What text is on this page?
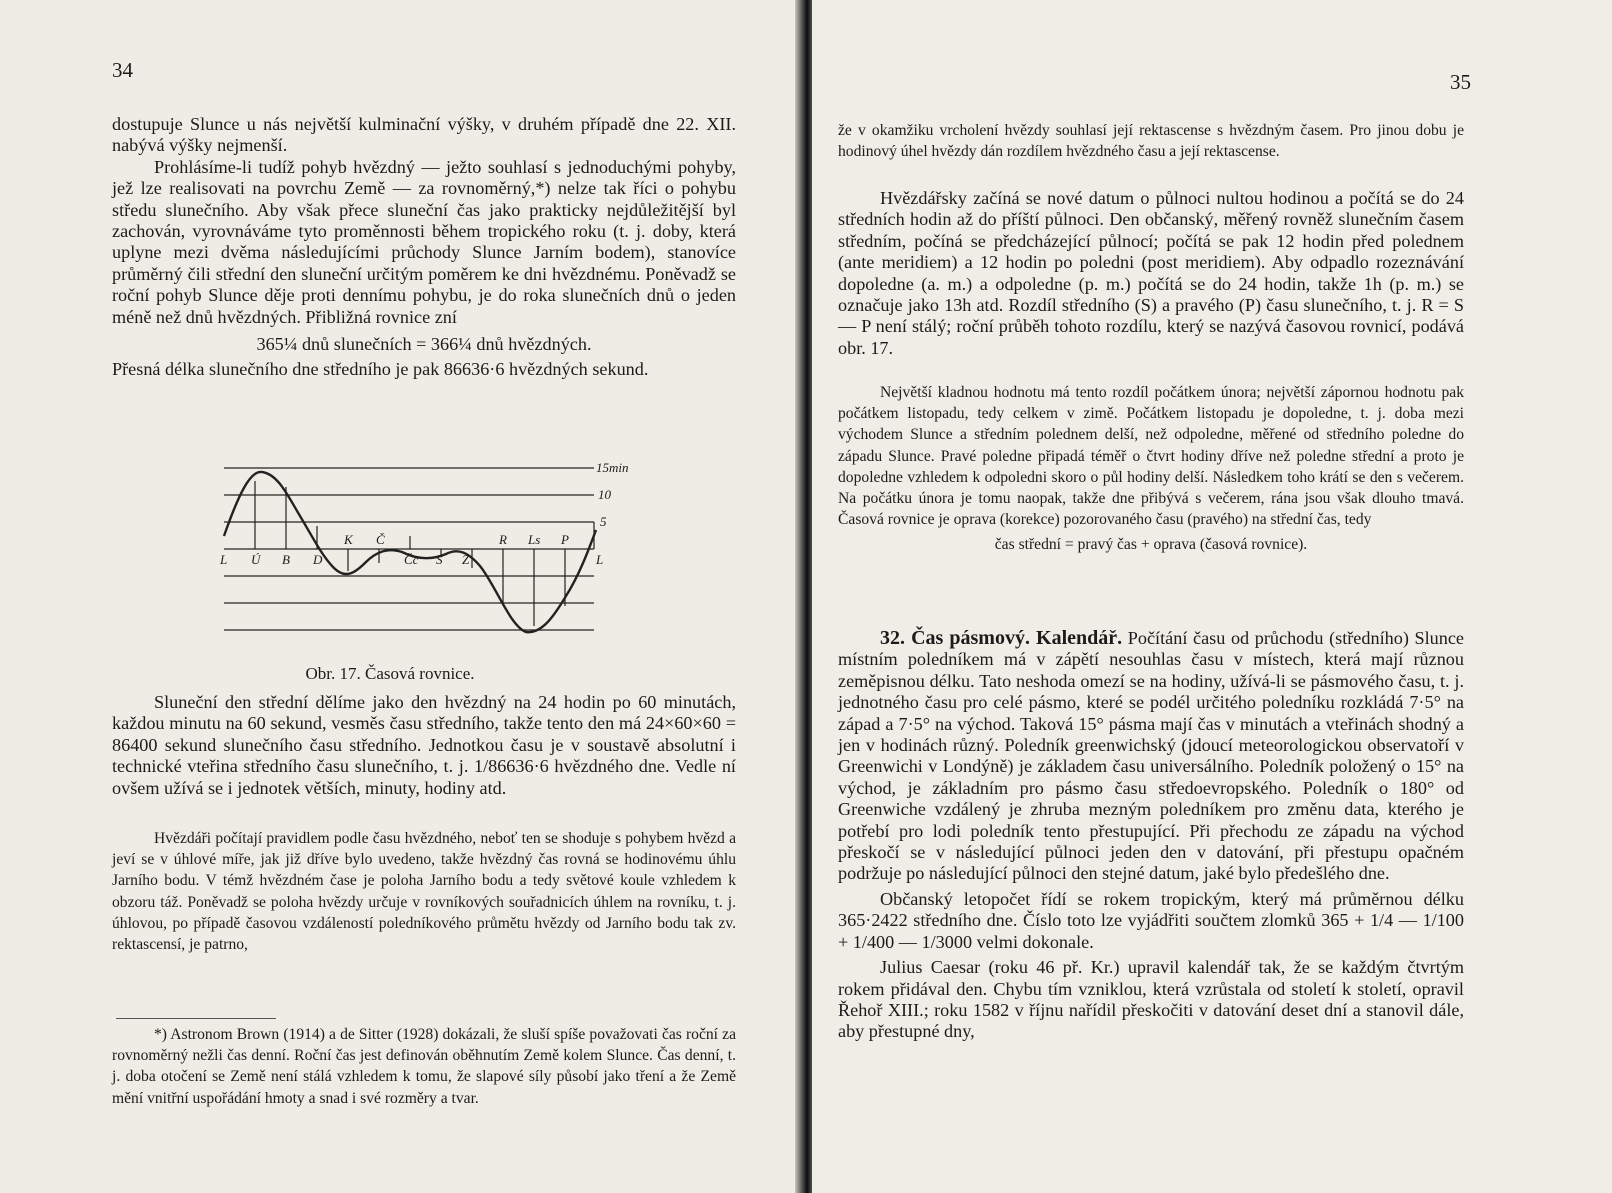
34

dostupuje Slunce u nás největší kulminační výšky, v druhém případě dne 22. XII. nabývá výšky nejmenší.

Prohlásíme-li tudíž pohyb hvězdný — ježto souhlasí s jednoduchými pohyby, jež lze realisovati na povrchu Země — za rovnoměrný,*) nelze tak říci o pohybu středu slunečního. Aby však přece sluneční čas jako prakticky nejdůležitější byl zachován, vyrovnáváme tyto proměnnosti během tropického roku (t. j. doby, která uplyne mezi dvěma následujícími průchody Slunce Jarním bodem), stanovíce průměrný čili střední den sluneční určitým poměrem ke dni hvězdnému. Poněvadž se roční pohyb Slunce děje proti dennímu pohybu, je do roka slunečních dnů o jeden méně než dnů hvězdných. Přibližná rovnice zní

365¼ dnů slunečních = 366¼ dnů hvězdných.

Přesná délka slunečního dne středního je pak 86636·6 hvězdných sekund.

15min
10
5
K Č	R Ls P
L Ú B D	Čc S Z	L
Obr. 17. Časová rovnice.

Sluneční den střední dělíme jako den hvězdný na 24 hodin po 60 minutách, každou minutu na 60 sekund, vesměs času středního, takže tento den má 24×60×60 = 86400 sekund slunečního času středního. Jednotkou času je v soustavě absolutní i technické vteřina středního času slunečního, t. j. 1/86636·6 hvězdného dne. Vedle ní ovšem užívá se i jednotek větších, minuty, hodiny atd.

Hvězdáři počítají pravidlem podle času hvězdného, neboť ten se shoduje s pohybem hvězd a jeví se v úhlové míře, jak již dříve bylo uvedeno, takže hvězdný čas rovná se hodinovému úhlu Jarního bodu. V témž hvězdném čase je poloha Jarního bodu a tedy světové koule vzhledem k obzoru táž. Poněvadž se poloha hvězdy určuje v rovníkových souřadnicích úhlem na rovníku, t. j. úhlovou, po případě časovou vzdáleností poledníkového průmětu hvězdy od Jarního bodu tak zv. rektascensí, je patrno,

*) Astronom Brown (1914) a de Sitter (1928) dokázali, že sluší spíše považovati čas roční za rovnoměrný nežli čas denní. Roční čas jest definován oběhnutím Země kolem Slunce. Čas denní, t. j. doba otočení se Země není stálá vzhledem k tomu, že slapové síly působí jako tření a že Země mění vnitřní uspořádání hmoty a snad i své rozměry a tvar.

35

že v okamžiku vrcholení hvězdy souhlasí její rektascense s hvězdným časem. Pro jinou dobu je hodinový úhel hvězdy dán rozdílem hvězdného času a její rektascense.

Hvězdářsky začíná se nové datum o půlnoci nultou hodinou a počítá se do 24 středních hodin až do příští půlnoci. Den občanský, měřený rovněž slunečním časem středním, počíná se předcházející půlnocí; počítá se pak 12 hodin před polednem (ante meridiem) a 12 hodin po poledni (post meridiem). Aby odpadlo rozeznávání dopoledne (a. m.) a odpoledne (p. m.) počítá se do 24 hodin, takže 1h (p. m.) se označuje jako 13h atd. Rozdíl středního (S) a pravého (P) času slunečního, t. j. R = S — P není stálý; roční průběh tohoto rozdílu, který se nazývá časovou rovnicí, podává obr. 17.

Největší kladnou hodnotu má tento rozdíl počátkem února; největší zápornou hodnotu pak počátkem listopadu, tedy celkem v zimě. Počátkem listopadu je dopoledne, t. j. doba mezi východem Slunce a středním polednem delší, než odpoledne, měřené od středního poledne do západu Slunce. Pravé poledne připadá téměř o čtvrt hodiny dříve než poledne střední a proto je dopoledne vzhledem k odpoledni skoro o půl hodiny delší. Následkem toho krátí se den s večerem. Na počátku února je tomu naopak, takže dne přibývá s večerem, rána jsou však dlouho tmavá. Časová rovnice je oprava (korekce) pozorovaného času (pravého) na střední čas, tedy

čas střední = pravý čas + oprava (časová rovnice).

32. Čas pásmový. Kalendář. Počítání času od průchodu (středního) Slunce místním poledníkem má v zápětí nesouhlas času v místech, která mají různou zeměpisnou délku. Tato neshoda omezí se na hodiny, užívá-li se pásmového času, t. j. jednotného času pro celé pásmo, které se podél určitého poledníku rozkládá 7·5° na západ a 7·5° na východ. Taková 15° pásma mají čas v minutách a vteřinách shodný a jen v hodinách různý. Poledník greenwichský (jdoucí meteorologickou observatoří v Greenwichi v Londýně) je základem času universálního. Poledník položený o 15° na východ, je základním pro pásmo času středoevropského. Poledník o 180° od Greenwiche vzdálený je zhruba mezným poledníkem pro změnu data, kterého je potřebí pro lodi poledník tento přestupující. Při přechodu ze západu na východ přeskočí se v následující půlnoci jeden den v datování, při přestupu opačném podržuje po následující půlnoci den stejné datum, jaké bylo předešlého dne.

Občanský letopočet řídí se rokem tropickým, který má průměrnou délku 365·2422 středního dne. Číslo toto lze vyjádřiti součtem zlomků 365 + 1/4 — 1/100 + 1/400 — 1/3000 velmi dokonale.

Julius Caesar (roku 46 př. Kr.) upravil kalendář tak, že se každým čtvrtým rokem přidával den. Chybu tím vzniklou, která vzrůstala od století k století, opravil Řehoř XIII.; roku 1582 v říjnu nařídil přeskočiti v datování deset dní a stanovil dále, aby přestupné dny,
